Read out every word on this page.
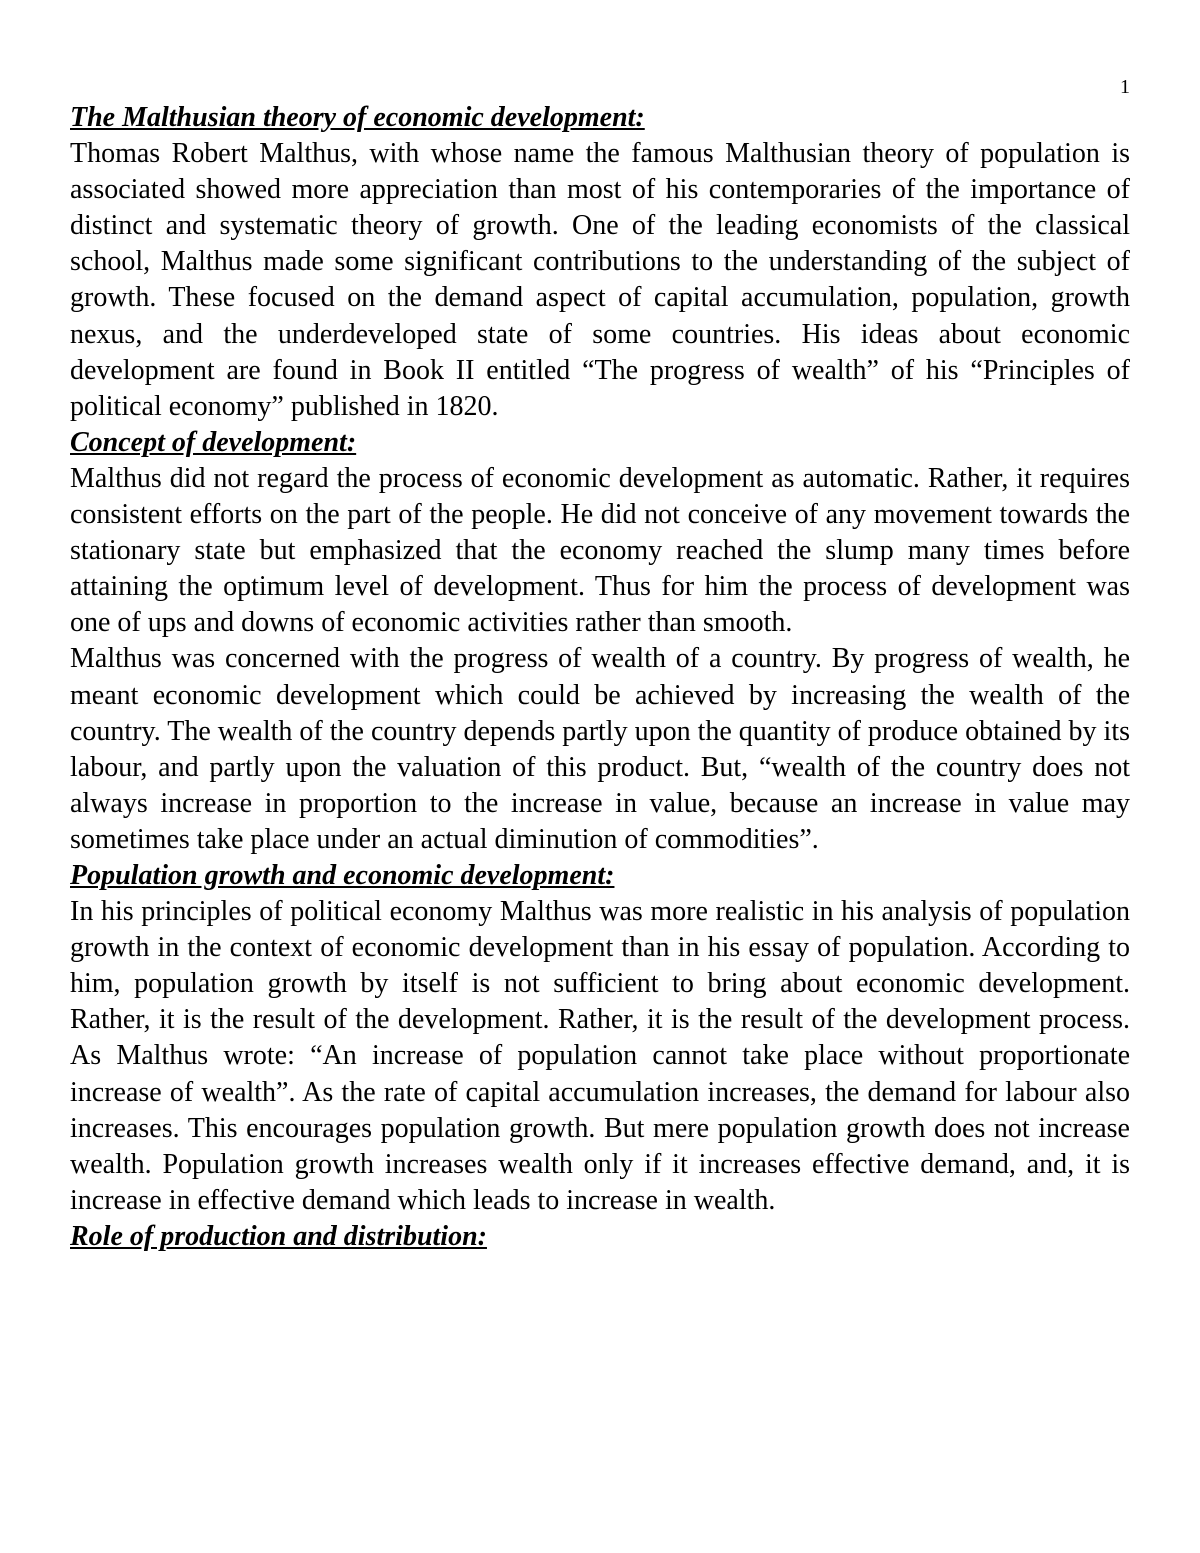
1

The Malthusian theory of economic development:

Thomas Robert Malthus, with whose name the famous Malthusian theory of population is associated showed more appreciation than most of his contemporaries of the importance of distinct and systematic theory of growth. One of the leading economists of the classical school, Malthus made some significant contributions to the understanding of the subject of growth. These focused on the demand aspect of capital accumulation, population, growth nexus, and the underdeveloped state of some countries. His ideas about economic development are found in Book II entitled “The progress of wealth” of his “Principles of political economy” published in 1820.

Concept of development:

Malthus did not regard the process of economic development as automatic. Rather, it requires consistent efforts on the part of the people. He did not conceive of any movement towards the stationary state but emphasized that the economy reached the slump many times before attaining the optimum level of development. Thus for him the process of development was one of ups and downs of economic activities rather than smooth.

Malthus was concerned with the progress of wealth of a country. By progress of wealth, he meant economic development which could be achieved by increasing the wealth of the country. The wealth of the country depends partly upon the quantity of produce obtained by its labour, and partly upon the valuation of this product. But, “wealth of the country does not always increase in proportion to the increase in value, because an increase in value may sometimes take place under an actual diminution of commodities”.

Population growth and economic development:

In his principles of political economy Malthus was more realistic in his analysis of population growth in the context of economic development than in his essay of population. According to him, population growth by itself is not sufficient to bring about economic development. Rather, it is the result of the development. Rather, it is the result of the development process. As Malthus wrote: “An increase of population cannot take place without proportionate increase of wealth”. As the rate of capital accumulation increases, the demand for labour also increases. This encourages population growth. But mere population growth does not increase wealth. Population growth increases wealth only if it increases effective demand, and, it is increase in effective demand which leads to increase in wealth.

Role of production and distribution:
